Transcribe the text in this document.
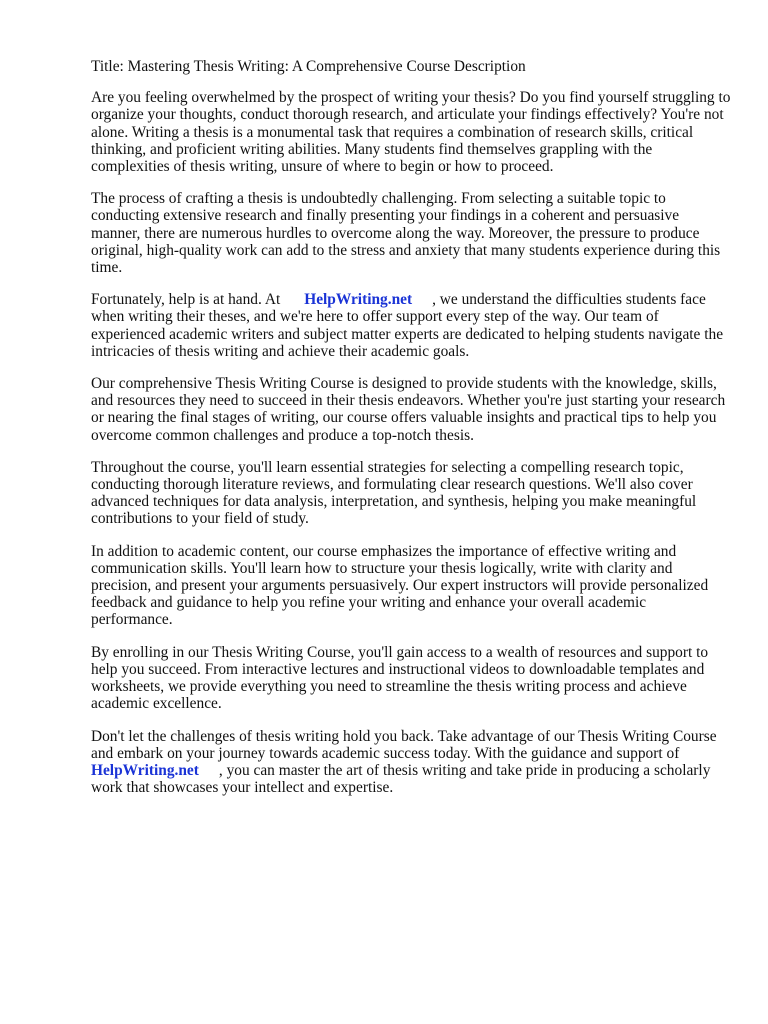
Title: Mastering Thesis Writing: A Comprehensive Course Description

Are you feeling overwhelmed by the prospect of writing your thesis? Do you find yourself struggling to organize your thoughts, conduct thorough research, and articulate your findings effectively? You're not alone. Writing a thesis is a monumental task that requires a combination of research skills, critical thinking, and proficient writing abilities. Many students find themselves grappling with the complexities of thesis writing, unsure of where to begin or how to proceed.

The process of crafting a thesis is undoubtedly challenging. From selecting a suitable topic to conducting extensive research and finally presenting your findings in a coherent and persuasive manner, there are numerous hurdles to overcome along the way. Moreover, the pressure to produce original, high-quality work can add to the stress and anxiety that many students experience during this time.

Fortunately, help is at hand. At HelpWriting.net , we understand the difficulties students face when writing their theses, and we're here to offer support every step of the way. Our team of experienced academic writers and subject matter experts are dedicated to helping students navigate the intricacies of thesis writing and achieve their academic goals.

Our comprehensive Thesis Writing Course is designed to provide students with the knowledge, skills, and resources they need to succeed in their thesis endeavors. Whether you're just starting your research or nearing the final stages of writing, our course offers valuable insights and practical tips to help you overcome common challenges and produce a top-notch thesis.

Throughout the course, you'll learn essential strategies for selecting a compelling research topic, conducting thorough literature reviews, and formulating clear research questions. We'll also cover advanced techniques for data analysis, interpretation, and synthesis, helping you make meaningful contributions to your field of study.

In addition to academic content, our course emphasizes the importance of effective writing and communication skills. You'll learn how to structure your thesis logically, write with clarity and precision, and present your arguments persuasively. Our expert instructors will provide personalized feedback and guidance to help you refine your writing and enhance your overall academic performance.

By enrolling in our Thesis Writing Course, you'll gain access to a wealth of resources and support to help you succeed. From interactive lectures and instructional videos to downloadable templates and worksheets, we provide everything you need to streamline the thesis writing process and achieve academic excellence.

Don't let the challenges of thesis writing hold you back. Take advantage of our Thesis Writing Course and embark on your journey towards academic success today. With the guidance and support of HelpWriting.net , you can master the art of thesis writing and take pride in producing a scholarly work that showcases your intellect and expertise.
